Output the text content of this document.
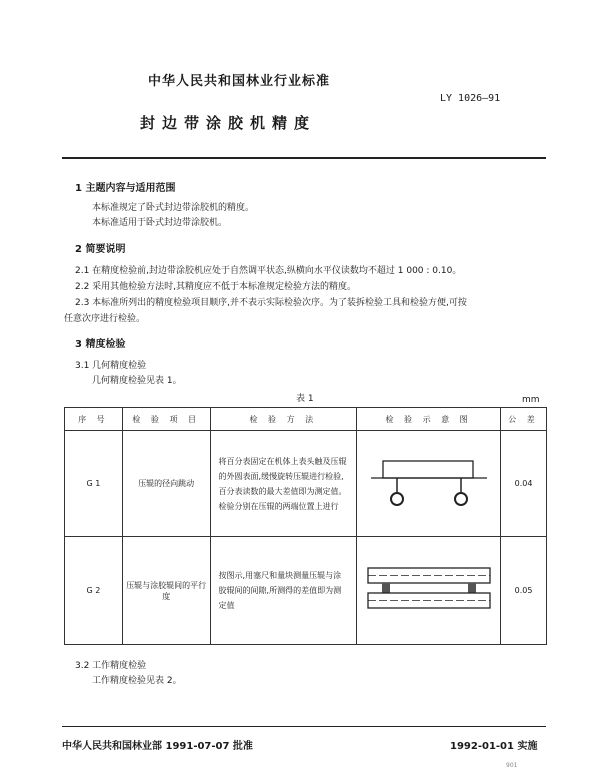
中华人民共和国林业行业标准
LY 1026—91
封边带涂胶机精度
1 主题内容与适用范围
本标准规定了卧式封边带涂胶机的精度。
本标准适用于卧式封边带涂胶机。
2 简要说明
2.1 在精度检验前,封边带涂胶机应处于自然调平状态,纵横向水平仪读数均不超过 1 000 : 0.10。
2.2 采用其他检验方法时,其精度应不低于本标准规定检验方法的精度。
2.3 本标准所列出的精度检验项目顺序,并不表示实际检验次序。为了装拆检验工具和检验方便,可按
任意次序进行检验。
3 精度检验
3.1 几何精度检验
几何精度检验见表 1。
表 1	mm
序 号	检 验 项 目	检 验 方 法	检 验 示 意 图	公 差
G 1	压辊的径向跳动	将百分表固定在机体上表头触及压辊的外圆表面,缓慢旋转压辊进行检验,百分表读数的最大差值即为测定值。检验分别在压辊的两端位置上进行		0.04
G 2	压辊与涂胶辊间的平行度	按图示,用塞尺和量块测量压辊与涂胶辊间的间隙,所测得的差值即为测定值		0.05
3.2 工作精度检验
工作精度检验见表 2。
中华人民共和国林业部 1991-07-07 批准	1992-01-01 实施
901
